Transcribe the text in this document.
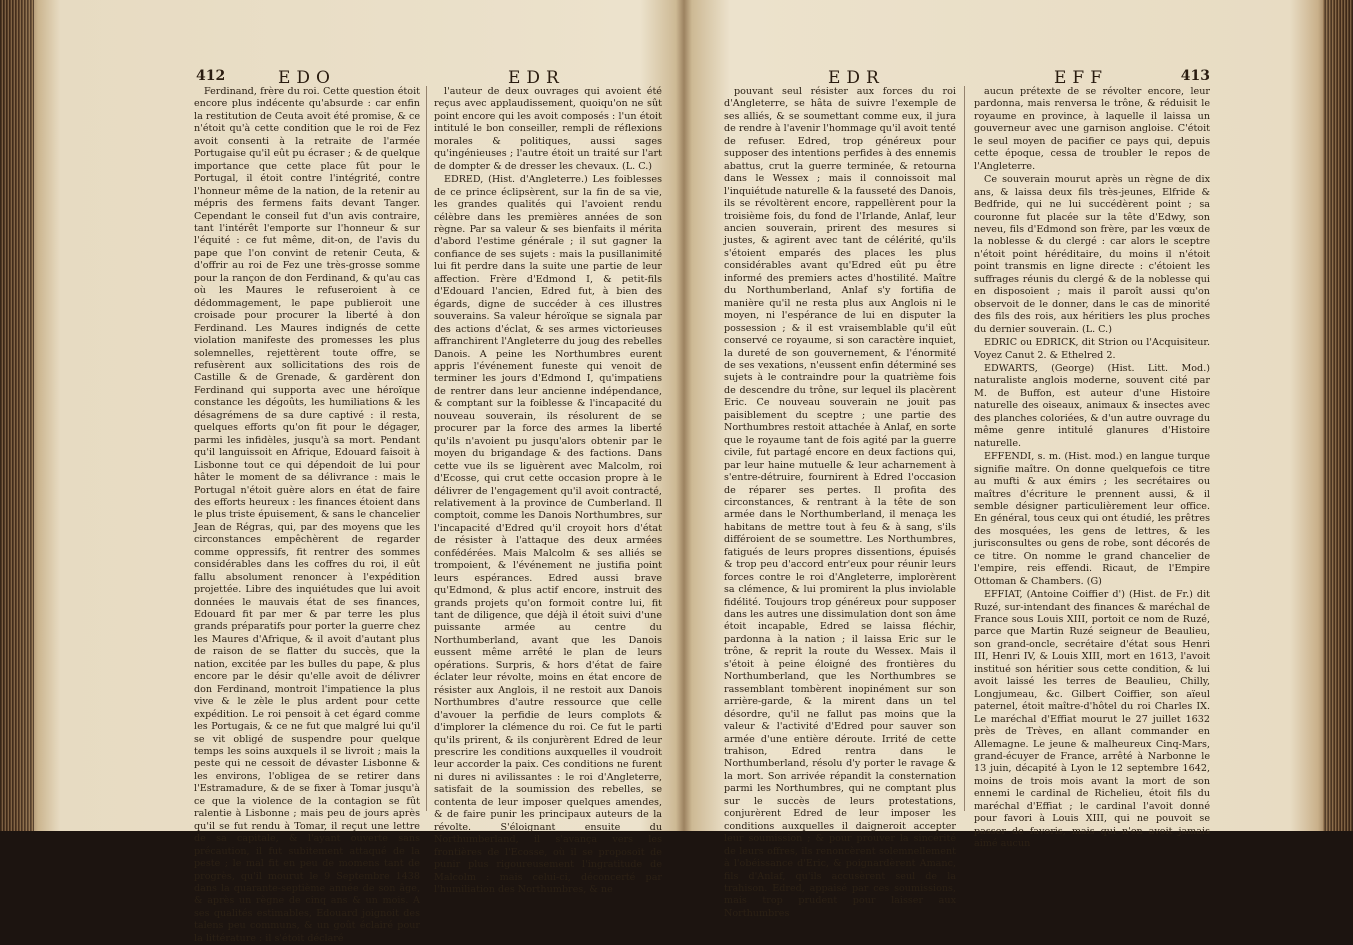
412	EDO	EDR

Ferdinand, frère du roi. Cette question étoit encore plus indécente qu'absurde : car enfin la restitution de Ceuta avoit été promise, & ce n'étoit qu'à cette condition que le roi de Fez avoit consenti à la retraite de l'armée Portugaise qu'il eût pu écraser ; & de quelque importance que cette place fût pour le Portugal, il étoit contre l'intégrité, contre l'honneur même de la nation, de la retenir au mépris des fermens faits devant Tanger. Cependant le conseil fut d'un avis contraire, tant l'intérêt l'emporte sur l'honneur & sur l'équité : ce fut même, dit-on, de l'avis du pape que l'on convint de retenir Ceuta, & d'offrir au roi de Fez une très-grosse somme pour la rançon de don Ferdinand, & qu'au cas où les Maures le refuseroient à ce dédommagement, le pape publieroit une croisade pour procurer la liberté à don Ferdinand. Les Maures indignés de cette violation manifeste des promesses les plus solemnelles, rejettèrent toute offre, se refusèrent aux sollicitations des rois de Castille & de Grenade, & gardèrent don Ferdinand qui supporta avec une héroïque constance les dégoûts, les humiliations & les désagrémens de sa dure captivé : il resta, quelques efforts qu'on fit pour le dégager, parmi les infidèles, jusqu'à sa mort. Pendant qu'il languissoit en Afrique, Edouard faisoit à Lisbonne tout ce qui dépendoit de lui pour hâter le moment de sa délivrance : mais le Portugal n'étoit guère alors en état de faire des efforts heureux : les finances étoient dans le plus triste épuisement, & sans le chancelier Jean de Régras, qui, par des moyens que les circonstances empêchèrent de regarder comme oppressifs, fit rentrer des sommes considérables dans les coffres du roi, il eût fallu absolument renoncer à l'expédition projettée. Libre des inquiétudes que lui avoit données le mauvais état de ses finances, Edouard fit par mer & par terre les plus grands préparatifs pour porter la guerre chez les Maures d'Afrique, & il avoit d'autant plus de raison de se flatter du succès, que la nation, excitée par les bulles du pape, & plus encore par le désir qu'elle avoit de délivrer don Ferdinand, montroit l'impatience la plus vive & le zèle le plus ardent pour cette expédition. Le roi pensoit à cet égard comme les Portugais, & ce ne fut que malgré lui qu'il se vit obligé de suspendre pour quelque temps les soins auxquels il se livroit ; mais la peste qui ne cessoit de dévaster Lisbonne & les environs, l'obligea de se retirer dans l'Estramadure, & de se fixer à Tomar jusqu'à ce que la violence de la contagion se fût ralentie à Lisbonne ; mais peu de jours après qu'il se fut rendu à Tomar, il reçut une lettre de sa capitale, & l'ayant ouverte sans précaution, il fut subitement attaqué de la peste ; le mal fit en peu de momens tant de progrès, qu'il mourut le 9 Septembre 1438 dans la quarante-septième année de son âge, & après un règne de cinq ans & un mois. A ses qualités estimables, Edouard joignoit des talens peu communs, & un goût éclairé pour la littérature : il s'étoit déclaré

l'auteur de deux ouvrages qui avoient été reçus avec applaudissement, quoiqu'on ne sût point encore qui les avoit composés : l'un étoit intitulé le bon conseiller, rempli de réflexions morales & politiques, aussi sages qu'ingénieuses ; l'autre étoit un traité sur l'art de dompter & de dresser les chevaux. (L. C.)

EDRED, (Hist. d'Angleterre.) Les foiblesses de ce prince éclipsèrent, sur la fin de sa vie, les grandes qualités qui l'avoient rendu célèbre dans les premières années de son règne. Par sa valeur & ses bienfaits il mérita d'abord l'estime générale ; il sut gagner la confiance de ses sujets : mais la pusillanimité lui fit perdre dans la suite une partie de leur affection. Frère d'Edmond I, & petit-fils d'Edouard l'ancien, Edred fut, à bien des égards, digne de succéder à ces illustres souverains. Sa valeur héroïque se signala par des actions d'éclat, & ses armes victorieuses affranchirent l'Angleterre du joug des rebelles Danois. A peine les Northumbres eurent appris l'événement funeste qui venoit de terminer les jours d'Edmond I, qu'impatiens de rentrer dans leur ancienne indépendance, & comptant sur la foiblesse & l'incapacité du nouveau souverain, ils résolurent de se procurer par la force des armes la liberté qu'ils n'avoient pu jusqu'alors obtenir par le moyen du brigandage & des factions. Dans cette vue ils se liguèrent avec Malcolm, roi d'Ecosse, qui crut cette occasion propre à le délivrer de l'engagement qu'il avoit contracté, relativement à la province de Cumberland. Il comptoit, comme les Danois Northumbres, sur l'incapacité d'Edred qu'il croyoit hors d'état de résister à l'attaque des deux armées confédérées. Mais Malcolm & ses alliés se trompoient, & l'événement ne justifia point leurs espérances. Edred aussi brave qu'Edmond, & plus actif encore, instruit des grands projets qu'on formoit contre lui, fit tant de diligence, que déjà il étoit suivi d'une puissante armée au centre du Northumberland, avant que les Danois eussent même arrêté le plan de leurs opérations. Surpris, & hors d'état de faire éclater leur révolte, moins en état encore de résister aux Anglois, il ne restoit aux Danois Northumbres d'autre ressource que celle d'avouer la perfidie de leurs complots & d'implorer la clémence du roi. Ce fut le parti qu'ils prirent, & ils conjurèrent Edred de leur prescrire les conditions auxquelles il voudroit leur accorder la paix. Ces conditions ne furent ni dures ni avilissantes : le roi d'Angleterre, satisfait de la soumission des rebelles, se contenta de leur imposer quelques amendes, & de faire punir les principaux auteurs de la révolte. S'éloignant ensuite du Northumberland, il s'avança vers les frontières de l'Ecosse, où il se proposoit de punir plus rigoureusement l'ingratitude de Malcolm : mais celui-ci, déconcerté par l'humiliation des Northumbres, & ne

EDR	EFF	413

pouvant seul résister aux forces du roi d'Angleterre, se hâta de suivre l'exemple de ses alliés, & se soumettant comme eux, il jura de rendre à l'avenir l'hommage qu'il avoit tenté de refuser. Edred, trop généreux pour supposer des intentions perfides à des ennemis abattus, crut la guerre terminée, & retourna dans le Wessex ; mais il connoissoit mal l'inquiétude naturelle & la fausseté des Danois, ils se révoltèrent encore, rappellèrent pour la troisième fois, du fond de l'Irlande, Anlaf, leur ancien souverain, prirent des mesures si justes, & agirent avec tant de célérité, qu'ils s'étoient emparés des places les plus considérables avant qu'Edred eût pu être informé des premiers actes d'hostilité. Maître du Northumberland, Anlaf s'y fortifia de manière qu'il ne resta plus aux Anglois ni le moyen, ni l'espérance de lui en disputer la possession ; & il est vraisemblable qu'il eût conservé ce royaume, si son caractère inquiet, la dureté de son gouvernement, & l'énormité de ses vexations, n'eussent enfin déterminé ses sujets à le contraindre pour la quatrième fois de descendre du trône, sur lequel ils placèrent Eric. Ce nouveau souverain ne jouit pas paisiblement du sceptre ; une partie des Northumbres restoit attachée à Anlaf, en sorte que le royaume tant de fois agité par la guerre civile, fut partagé encore en deux factions qui, par leur haine mutuelle & leur acharnement à s'entre-détruire, fournirent à Edred l'occasion de réparer ses pertes. Il profita des circonstances, & rentrant à la tête de son armée dans le Northumberland, il menaça les habitans de mettre tout à feu & à sang, s'ils différoient de se soumettre. Les Northumbres, fatigués de leurs propres dissentions, épuisés & trop peu d'accord entr'eux pour réunir leurs forces contre le roi d'Angleterre, implorèrent sa clémence, & lui promirent la plus inviolable fidélité. Toujours trop généreux pour supposer dans les autres une dissimulation dont son âme étoit incapable, Edred se laissa fléchir, pardonna à la nation ; il laissa Eric sur le trône, & reprit la route du Wessex. Mais il s'étoit à peine éloigné des frontières du Northumberland, que les Northumbres se rassemblant tombèrent inopinément sur son arrière-garde, & la mirent dans un tel désordre, qu'il ne fallut pas moins que la valeur & l'activité d'Edred pour sauver son armée d'une entière déroute. Irrité de cette trahison, Edred rentra dans le Northumberland, résolu d'y porter le ravage & la mort. Son arrivée répandit la consternation parmi les Northumbres, qui ne comptant plus sur le succès de leurs protestations, conjurèrent Edred de leur imposer les conditions auxquelles il daigneroit accepter leur soumission ; & pour prouver la sincérité de leurs offres, ils renoncèrent solemnellement à l'obéissance d'Eric, & poignardèrent Amanc, fils d'Anlaf, qu'ils accusèrent seul de la trahison. Edred, appaisé par ces soumissions, mais trop prudent pour laisser aux Northumbres

aucun prétexte de se révolter encore, leur pardonna, mais renversa le trône, & réduisit le royaume en province, à laquelle il laissa un gouverneur avec une garnison angloise. C'étoit le seul moyen de pacifier ce pays qui, depuis cette époque, cessa de troubler le repos de l'Angleterre.

Ce souverain mourut après un règne de dix ans, & laissa deux fils très-jeunes, Elfride & Bedfride, qui ne lui succédèrent point ; sa couronne fut placée sur la tête d'Edwy, son neveu, fils d'Edmond son frère, par les vœux de la noblesse & du clergé : car alors le sceptre n'étoit point héréditaire, du moins il n'étoit point transmis en ligne directe : c'étoient les suffrages réunis du clergé & de la noblesse qui en disposoient ; mais il paroît aussi qu'on observoit de le donner, dans le cas de minorité des fils des rois, aux héritiers les plus proches du dernier souverain. (L. C.)

EDRIC ou EDRICK, dit Strion ou l'Acquisiteur. Voyez Canut 2. & Ethelred 2.

EDWARTS, (George) (Hist. Litt. Mod.) naturaliste anglois moderne, souvent cité par M. de Buffon, est auteur d'une Histoire naturelle des oiseaux, animaux & insectes avec des planches coloriées, & d'un autre ouvrage du même genre intitulé glanures d'Histoire naturelle.

EFFENDI, s. m. (Hist. mod.) en langue turque signifie maître. On donne quelquefois ce titre au mufti & aux émirs ; les secrétaires ou maîtres d'écriture le prennent aussi, & il semble désigner particulièrement leur office. En général, tous ceux qui ont étudié, les prêtres des mosquées, les gens de lettres, & les jurisconsultes ou gens de robe, sont décorés de ce titre. On nomme le grand chancelier de l'empire, reis effendi. Ricaut, de l'Empire Ottoman & Chambers. (G)

EFFIAT, (Antoine Coiffier d') (Hist. de Fr.) dit Ruzé, sur-intendant des finances & maréchal de France sous Louis XIII, portoit ce nom de Ruzé, parce que Martin Ruzé seigneur de Beaulieu, son grand-oncle, secrétaire d'état sous Henri III, Henri IV, & Louis XIII, mort en 1613, l'avoit institué son héritier sous cette condition, & lui avoit laissé les terres de Beaulieu, Chilly, Longjumeau, &c. Gilbert Coiffier, son aïeul paternel, étoit maître-d'hôtel du roi Charles IX. Le maréchal d'Effiat mourut le 27 juillet 1632 près de Trèves, en allant commander en Allemagne. Le jeune & malheureux Cinq-Mars, grand-écuyer de France, arrêté à Narbonne le 13 juin, décapité à Lyon le 12 septembre 1642, moins de trois mois avant la mort de son ennemi le cardinal de Richelieu, étoit fils du maréchal d'Effiat ; le cardinal l'avoit donné pour favori à Louis XIII, qui ne pouvoit se passer de favoris, mais qui n'en avoit jamais aimé aucun
